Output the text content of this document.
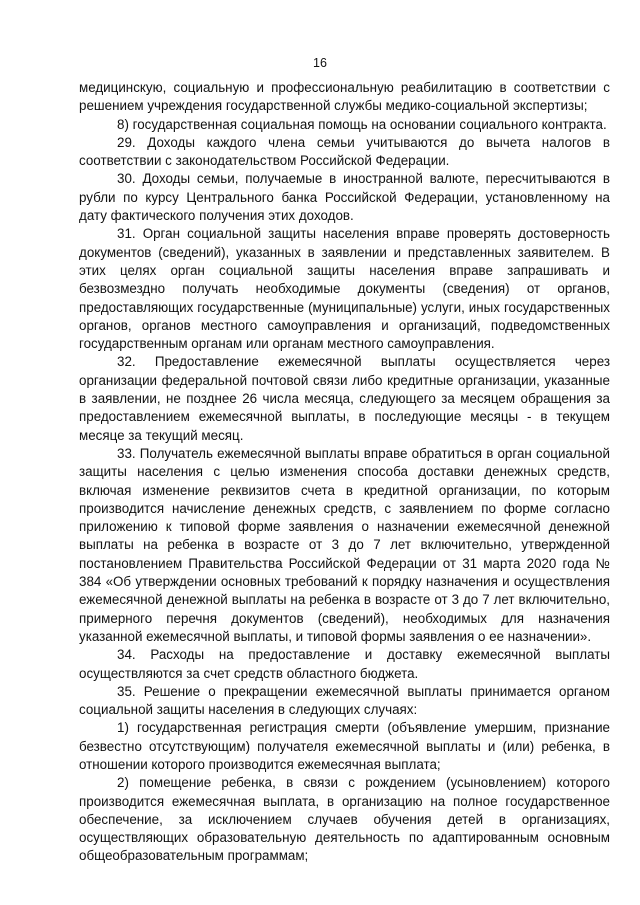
16

медицинскую, социальную и профессиональную реабилитацию в соответствии с решением учреждения государственной службы медико-социальной экспертизы;

8) государственная социальная помощь на основании социального контракта.

29. Доходы каждого члена семьи учитываются до вычета налогов в соответствии с законодательством Российской Федерации.

30. Доходы семьи, получаемые в иностранной валюте, пересчитываются в рубли по курсу Центрального банка Российской Федерации, установленному на дату фактического получения этих доходов.

31. Орган социальной защиты населения вправе проверять достоверность документов (сведений), указанных в заявлении и представленных заявителем. В этих целях орган социальной защиты населения вправе запрашивать и безвозмездно получать необходимые документы (сведения) от органов, предоставляющих государственные (муниципальные) услуги, иных государственных органов, органов местного самоуправления и организаций, подведомственных государственным органам или органам местного самоуправления.

32. Предоставление ежемесячной выплаты осуществляется через организации федеральной почтовой связи либо кредитные организации, указанные в заявлении, не позднее 26 числа месяца, следующего за месяцем обращения за предоставлением ежемесячной выплаты, в последующие месяцы - в текущем месяце за текущий месяц.

33. Получатель ежемесячной выплаты вправе обратиться в орган социальной защиты населения с целью изменения способа доставки денежных средств, включая изменение реквизитов счета в кредитной организации, по которым производится начисление денежных средств, с заявлением по форме согласно приложению к типовой форме заявления о назначении ежемесячной денежной выплаты на ребенка в возрасте от 3 до 7 лет включительно, утвержденной постановлением Правительства Российской Федерации от 31 марта 2020 года № 384 «Об утверждении основных требований к порядку назначения и осуществления ежемесячной денежной выплаты на ребенка в возрасте от 3 до 7 лет включительно, примерного перечня документов (сведений), необходимых для назначения указанной ежемесячной выплаты, и типовой формы заявления о ее назначении».

34. Расходы на предоставление и доставку ежемесячной выплаты осуществляются за счет средств областного бюджета.

35. Решение о прекращении ежемесячной выплаты принимается органом социальной защиты населения в следующих случаях:

1) государственная регистрация смерти (объявление умершим, признание безвестно отсутствующим) получателя ежемесячной выплаты и (или) ребенка, в отношении которого производится ежемесячная выплата;

2) помещение ребенка, в связи с рождением (усыновлением) которого производится ежемесячная выплата, в организацию на полное государственное обеспечение, за исключением случаев обучения детей в организациях, осуществляющих образовательную деятельность по адаптированным основным общеобразовательным программам;
